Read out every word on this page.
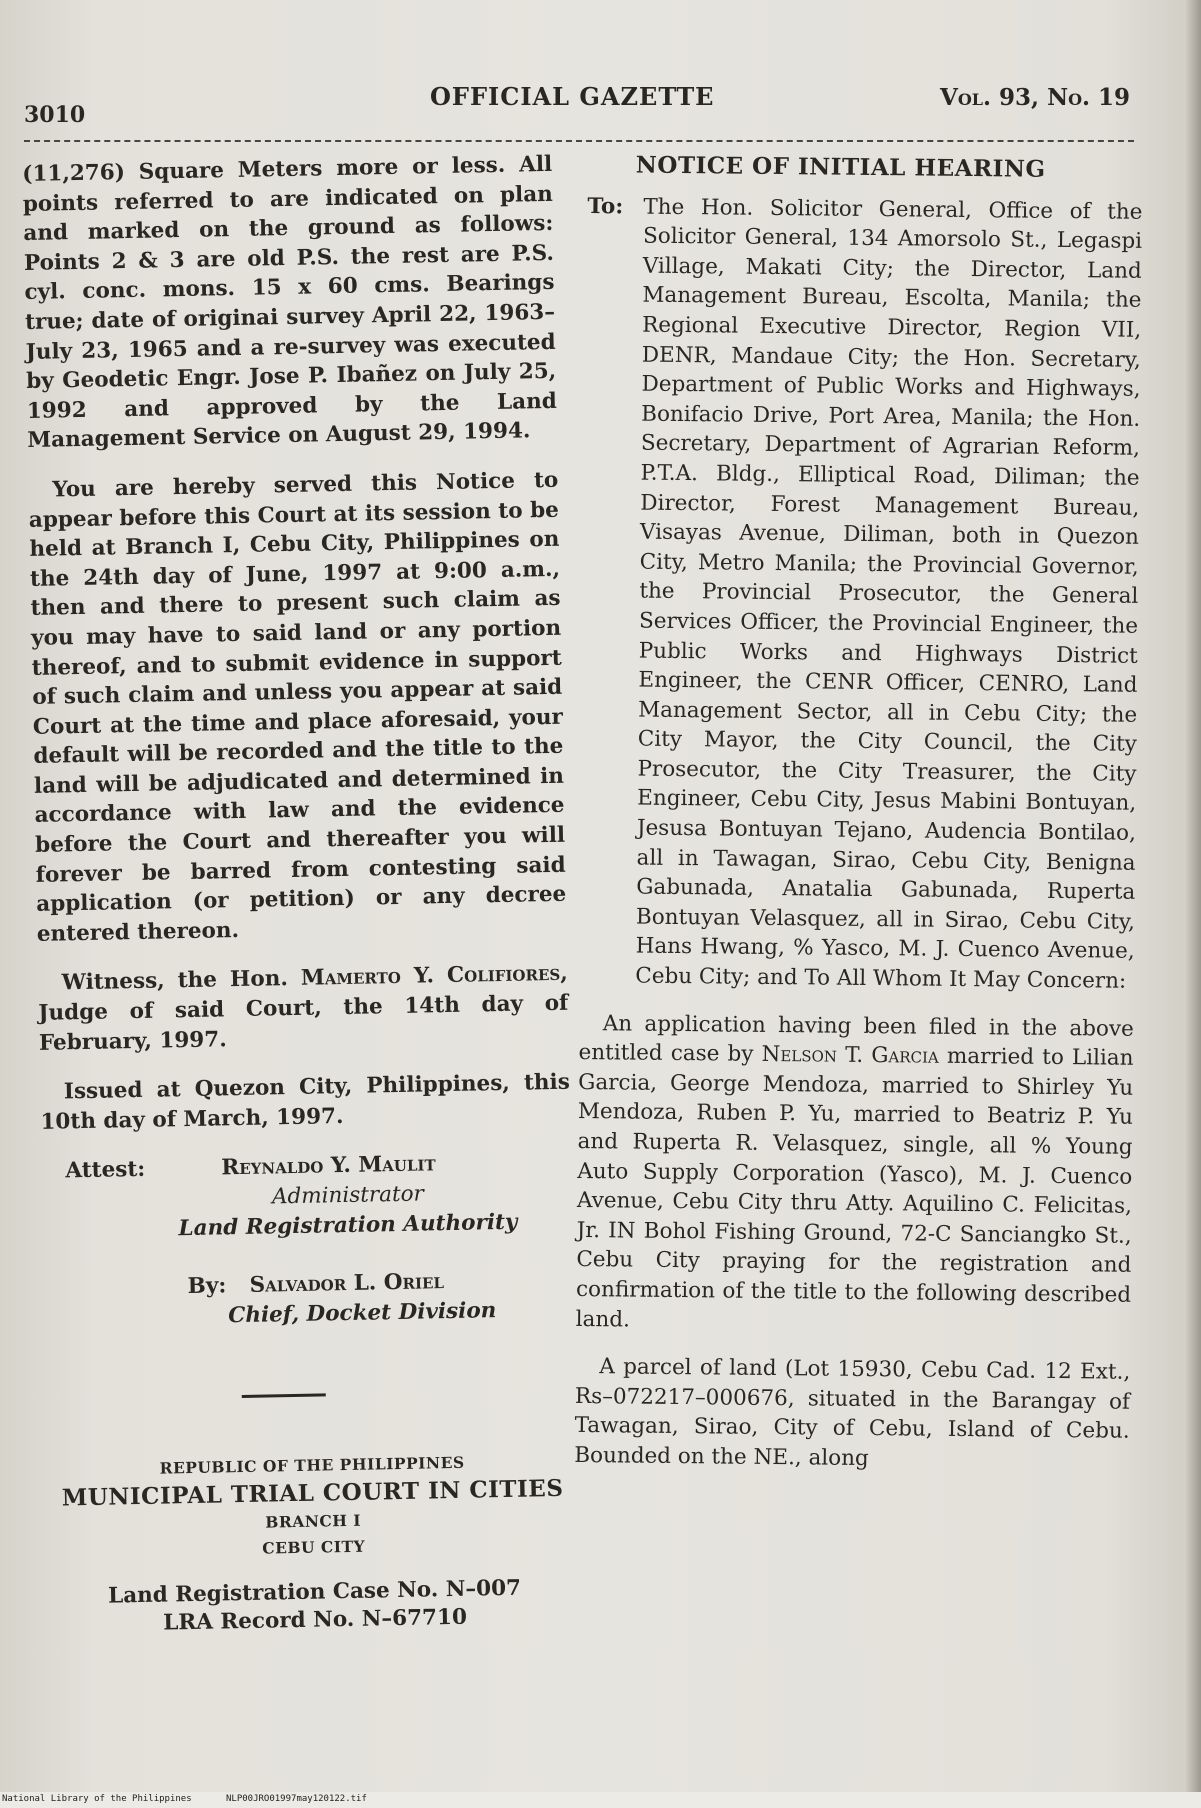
3010
OFFICIAL GAZETTE	Vol. 93, No. 19

(11,276) Square Meters more or less. All points referred to are indicated on plan and marked on the ground as follows: Points 2 & 3 are old P.S. the rest are P.S. cyl. conc. mons. 15 x 60 cms. Bearings true; date of originai survey April 22, 1963–July 23, 1965 and a re-survey was executed by Geodetic Engr. Jose P. Ibañez on July 25, 1992 and approved by the Land Management Service on August 29, 1994.

You are hereby served this Notice to appear before this Court at its session to be held at Branch I, Cebu City, Philippines on the 24th day of June, 1997 at 9:00 a.m., then and there to present such claim as you may have to said land or any portion thereof, and to submit evidence in support of such claim and unless you appear at said Court at the time and place aforesaid, your default will be recorded and the title to the land will be adjudicated and determined in accordance with law and the evidence before the Court and thereafter you will forever be barred from contesting said application (or petition) or any decree entered thereon.

Witness, the Hon. Mamerto Y. Colifiores, Judge of said Court, the 14th day of February, 1997.

Issued at Quezon City, Philippines, this 10th day of March, 1997.

Attest:	Reynaldo Y. Maulit
Administrator
Land Registration Authority
By: Salvador L. Oriel
Chief, Docket Division
REPUBLIC OF THE PHILIPPINES
MUNICIPAL TRIAL COURT IN CITIES
BRANCH I
CEBU CITY
Land Registration Case No. N–007
LRA Record No. N–67710
NOTICE OF INITIAL HEARING
To: The Hon. Solicitor General, Office of the Solicitor General, 134 Amorsolo St., Legaspi Village, Makati City; the Director, Land Management Bureau, Escolta, Manila; the Regional Executive Director, Region VII, DENR, Mandaue City; the Hon. Secretary, Department of Public Works and Highways, Bonifacio Drive, Port Area, Manila; the Hon. Secretary, Department of Agrarian Reform, P.T.A. Bldg., Elliptical Road, Diliman; the Director, Forest Management Bureau, Visayas Avenue, Diliman, both in Quezon City, Metro Manila; the Provincial Governor, the Provincial Prosecutor, the General Services Officer, the Provincial Engineer, the Public Works and Highways District Engineer, the CENR Officer, CENRO, Land Management Sector, all in Cebu City; the City Mayor, the City Council, the City Prosecutor, the City Treasurer, the City Engineer, Cebu City, Jesus Mabini Bontuyan, Jesusa Bontuyan Tejano, Audencia Bontilao, all in Tawagan, Sirao, Cebu City, Benigna Gabunada, Anatalia Gabunada, Ruperta Bontuyan Velasquez, all in Sirao, Cebu City, Hans Hwang, % Yasco, M. J. Cuenco Avenue, Cebu City; and To All Whom It May Concern:

An application having been filed in the above entitled case by Nelson T. Garcia married to Lilian Garcia, George Mendoza, married to Shirley Yu Mendoza, Ruben P. Yu, married to Beatriz P. Yu and Ruperta R. Velasquez, single, all % Young Auto Supply Corporation (Yasco), M. J. Cuenco Avenue, Cebu City thru Atty. Aquilino C. Felicitas, Jr. IN Bohol Fishing Ground, 72-C Sanciangko St., Cebu City praying for the registration and confirmation of the title to the following described land.

A parcel of land (Lot 15930, Cebu Cad. 12 Ext., Rs–072217–000676, situated in the Barangay of Tawagan, Sirao, City of Cebu, Island of Cebu. Bounded on the NE., along

National Library of the Philippines	NLP00JRO01997may120122.tif
